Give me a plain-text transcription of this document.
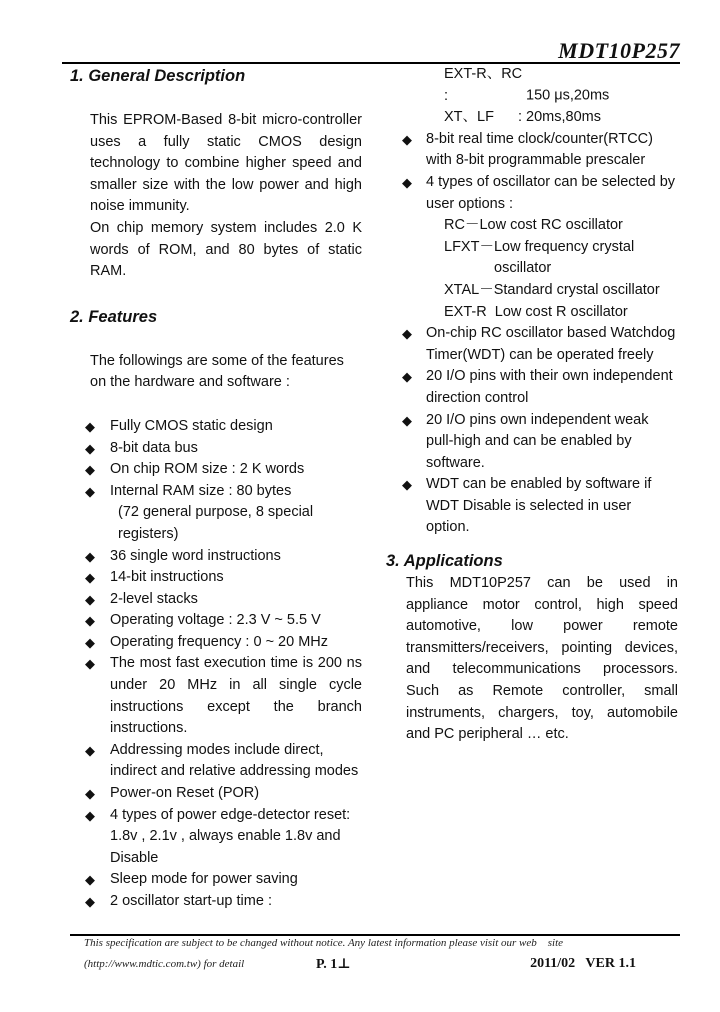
MDT10P257
1. General Description
This EPROM-Based 8-bit micro-controller
uses a fully static CMOS design
technology to combine higher speed and
smaller size with the low power and high
noise immunity.
On chip memory system includes 2.0 K
words of ROM, and 80 bytes of static
RAM.
2. Features
The followings are some of the features
on the hardware and software :
◆ Fully CMOS static design
◆ 8-bit data bus
◆ On chip ROM size : 2 K words
◆ Internal RAM size : 80 bytes
(72 general purpose, 8 special
registers)
◆ 36 single word instructions
◆ 14-bit instructions
◆ 2-level stacks
◆ Operating voltage : 2.3 V ~ 5.5 V
◆ Operating frequency : 0 ~ 20 MHz
◆ The most fast execution time is 200 ns
under 20 MHz in all single cycle
instructions except the branch
instructions.
◆ Addressing modes include direct,
indirect and relative addressing modes
◆ Power-on Reset (POR)
◆ 4 types of power edge-detector reset:
1.8v , 2.1v , always enable 1.8v and
Disable
◆ Sleep mode for power saving
◆ 2 oscillator start-up time :
EXT-R、RC :	150 μs,20ms
XT、LF : 20ms,80ms
◆ 8-bit real time clock/counter(RTCC)
with 8-bit programmable prescaler
◆ 4 types of oscillator can be selected by
user options :
RC－Low cost RC oscillator
LFXT－Low frequency crystal
oscillator
XTAL－Standard crystal oscillator
EXT-R  Low cost R oscillator
◆ On-chip RC oscillator based Watchdog
Timer(WDT) can be operated freely
◆ 20 I/O pins with their own independent
direction control
◆ 20 I/O pins own independent weak
pull-high and can be enabled by
software.
◆ WDT can be enabled by software if
WDT Disable is selected in user
option.
3. Applications
This MDT10P257 can be used in
appliance motor control, high speed
automotive, low power remote
transmitters/receivers, pointing devices,
and telecommunications processors.
Such as Remote controller, small
instruments, chargers, toy, automobile
and PC peripheral … etc.
This specification are subject to be changed without notice. Any latest information please visit our web    site
(http://www.mdtic.com.tw) for detail	P. 1⊥	2011/02   VER 1.1
